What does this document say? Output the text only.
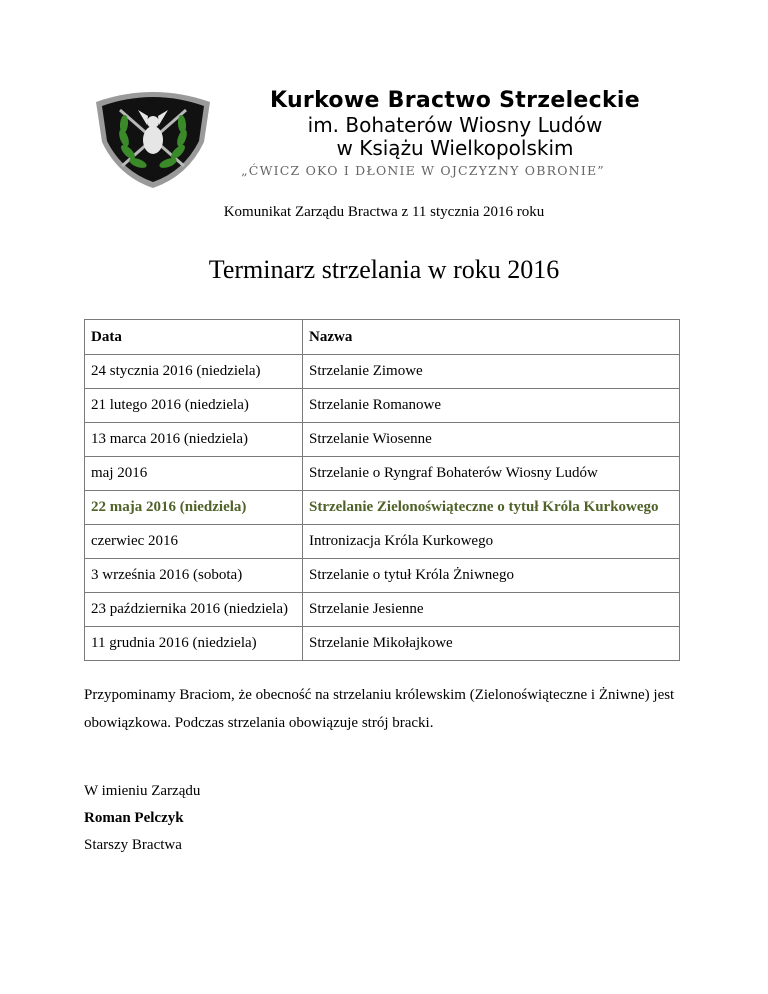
Kurkowe Bractwo Strzeleckie
im. Bohaterów Wiosny Ludów
w Książu Wielkopolskim
„ĆWICZ OKO I DŁONIE W OJCZYZNY OBRONIE”
Komunikat Zarządu Bractwa z 11 stycznia 2016 roku
Terminarz strzelania w roku 2016
Data	Nazwa
24 stycznia 2016 (niedziela)	Strzelanie Zimowe
21 lutego 2016 (niedziela)	Strzelanie Romanowe
13 marca 2016 (niedziela)	Strzelanie Wiosenne
maj 2016	Strzelanie o Ryngraf Bohaterów Wiosny Ludów
22 maja 2016 (niedziela)	Strzelanie Zielonoświąteczne o tytuł Króla Kurkowego
czerwiec 2016	Intronizacja Króla Kurkowego
3 września 2016 (sobota)	Strzelanie o tytuł Króla Żniwnego
23 października 2016 (niedziela)	Strzelanie Jesienne
11 grudnia 2016 (niedziela)	Strzelanie Mikołajkowe
Przypominamy Braciom, że obecność na strzelaniu królewskim (Zielonoświąteczne i Żniwne) jest obowiązkowa. Podczas strzelania obowiązuje strój bracki.
W imieniu Zarządu
Roman Pelczyk
Starszy Bractwa
